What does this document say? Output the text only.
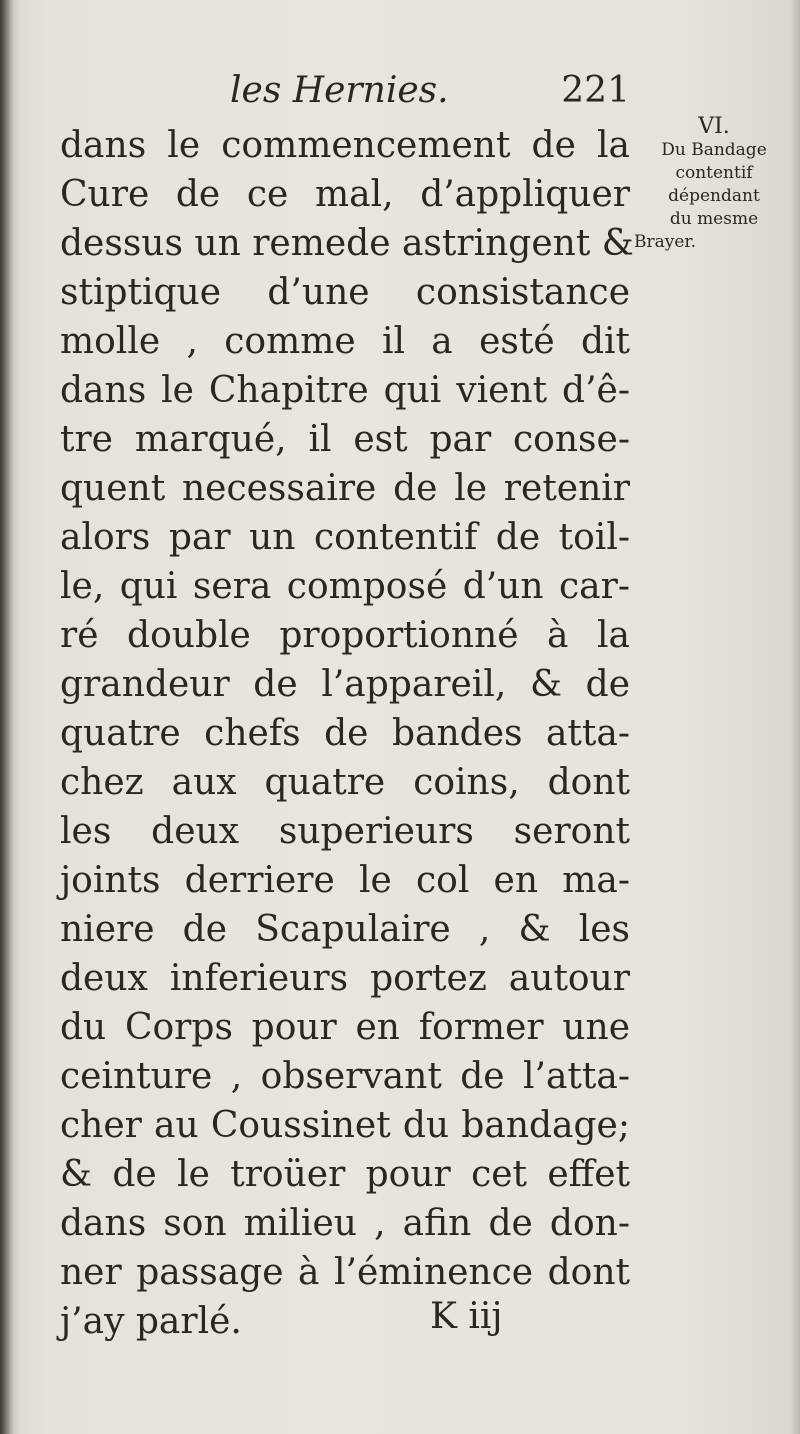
les Hernies.	221
VI.
Du Bandage
contentif
dépendant
du mesme
Brayer.
dans le commencement de la
Cure de ce mal, d’appliquer
dessus un remede astringent &
stiptique d’une consistance
molle , comme il a esté dit
dans le Chapitre qui vient d’ê-
tre marqué, il est par conse-
quent necessaire de le retenir
alors par un contentif de toil-
le, qui sera composé d’un car-
ré double proportionné à la
grandeur de l’appareil, & de
quatre chefs de bandes atta-
chez aux quatre coins, dont
les deux superieurs seront
joints derriere le col en ma-
niere de Scapulaire , & les
deux inferieurs portez autour
du Corps pour en former une
ceinture , observant de l’atta-
cher au Coussinet du bandage;
& de le troüer pour cet effet
dans son milieu , afin de don-
ner passage à l’éminence dont
j’ay parlé.	K iij
